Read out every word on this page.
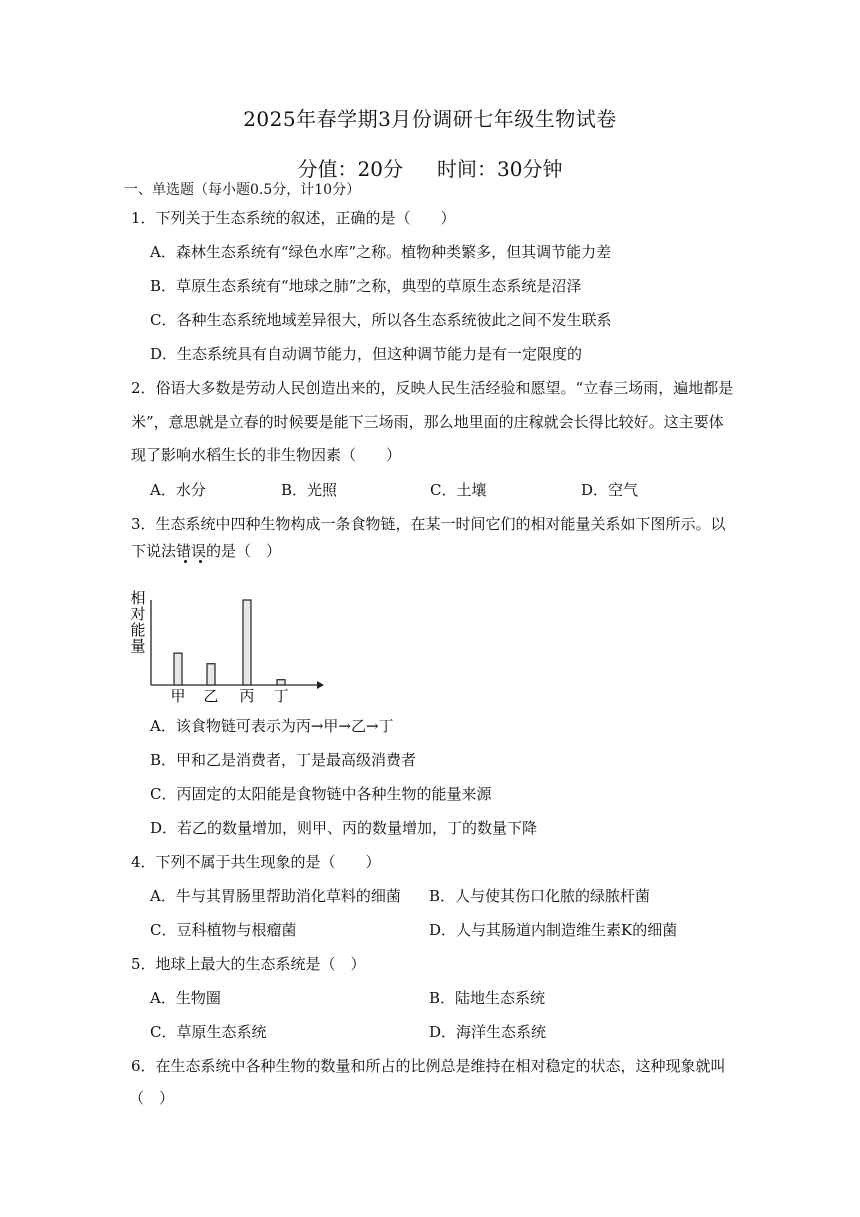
2025年春学期3月份调研七年级生物试卷
分值：20分 时间：30分钟
一、单选题（每小题0.5分，计10分）
1．下列关于生态系统的叙述，正确的是（　　）
A．森林生态系统有“绿色水库”之称。植物种类繁多，但其调节能力差
B．草原生态系统有“地球之肺”之称，典型的草原生态系统是沼泽
C．各种生态系统地域差异很大，所以各生态系统彼此之间不发生联系
D．生态系统具有自动调节能力，但这种调节能力是有一定限度的
2．俗语大多数是劳动人民创造出来的，反映人民生活经验和愿望。“立春三场雨，遍地都是
米”，意思就是立春的时候要是能下三场雨，那么地里面的庄稼就会长得比较好。这主要体
现了影响水稻生长的非生物因素（　　）
A．水分	B．光照	C．土壤	D．空气
3．生态系统中四种生物构成一条食物链，在某一时间它们的相对能量关系如下图所示。以
下说法错误的是（　）
相
对
能
量
甲 乙 丙 丁
A．该食物链可表示为丙→甲→乙→丁
B．甲和乙是消费者，丁是最高级消费者
C．丙固定的太阳能是食物链中各种生物的能量来源
D．若乙的数量增加，则甲、丙的数量增加，丁的数量下降
4．下列不属于共生现象的是（　　）
A．牛与其胃肠里帮助消化草料的细菌 B．人与使其伤口化脓的绿脓杆菌
C．豆科植物与根瘤菌	D．人与其肠道内制造维生素K的细菌
5．地球上最大的生态系统是（　）
A．生物圈	B．陆地生态系统
C．草原生态系统	D．海洋生态系统
6．在生态系统中各种生物的数量和所占的比例总是维持在相对稳定的状态，这种现象就叫
（　）
